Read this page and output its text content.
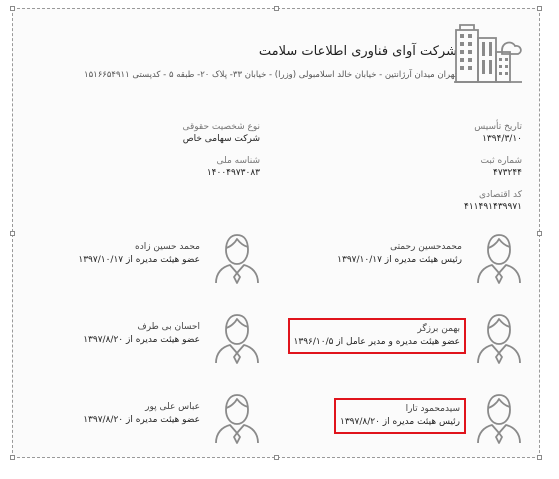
شرکت آوای فناوری اطلاعات سلامت
تهران میدان آرژانتین - خیابان خالد اسلامبولی (وزرا) - خیابان ۳۳- پلاک ۲۰- طبقه ۵ - کدپستی ۱۵۱۶۶۵۴۹۱۱
نوع شخصیت حقوقی
شرکت سهامی خاص
شناسه ملی
۱۴۰۰۴۹۷۳۰۸۳
تاریخ تأسیس
۱۳۹۴/۳/۱۰
شماره ثبت
۴۷۳۲۴۴
کد اقتصادی
۴۱۱۴۹۱۴۳۹۹۷۱
محمدحسین رحمتی
رئیس هیئت مدیره از ۱۳۹۷/۱۰/۱۷
محمد حسین زاده
عضو هیئت مدیره از ۱۳۹۷/۱۰/۱۷
بهمن برزگر
عضو هیئت مدیره و مدیر عامل از ۱۳۹۶/۱۰/۵
احسان بی طرف
عضو هیئت مدیره از ۱۳۹۷/۸/۲۰
سیدمحمود تارا
رئیس هیئت مدیره از ۱۳۹۷/۸/۲۰
عباس علی پور
عضو هیئت مدیره از ۱۳۹۷/۸/۲۰
